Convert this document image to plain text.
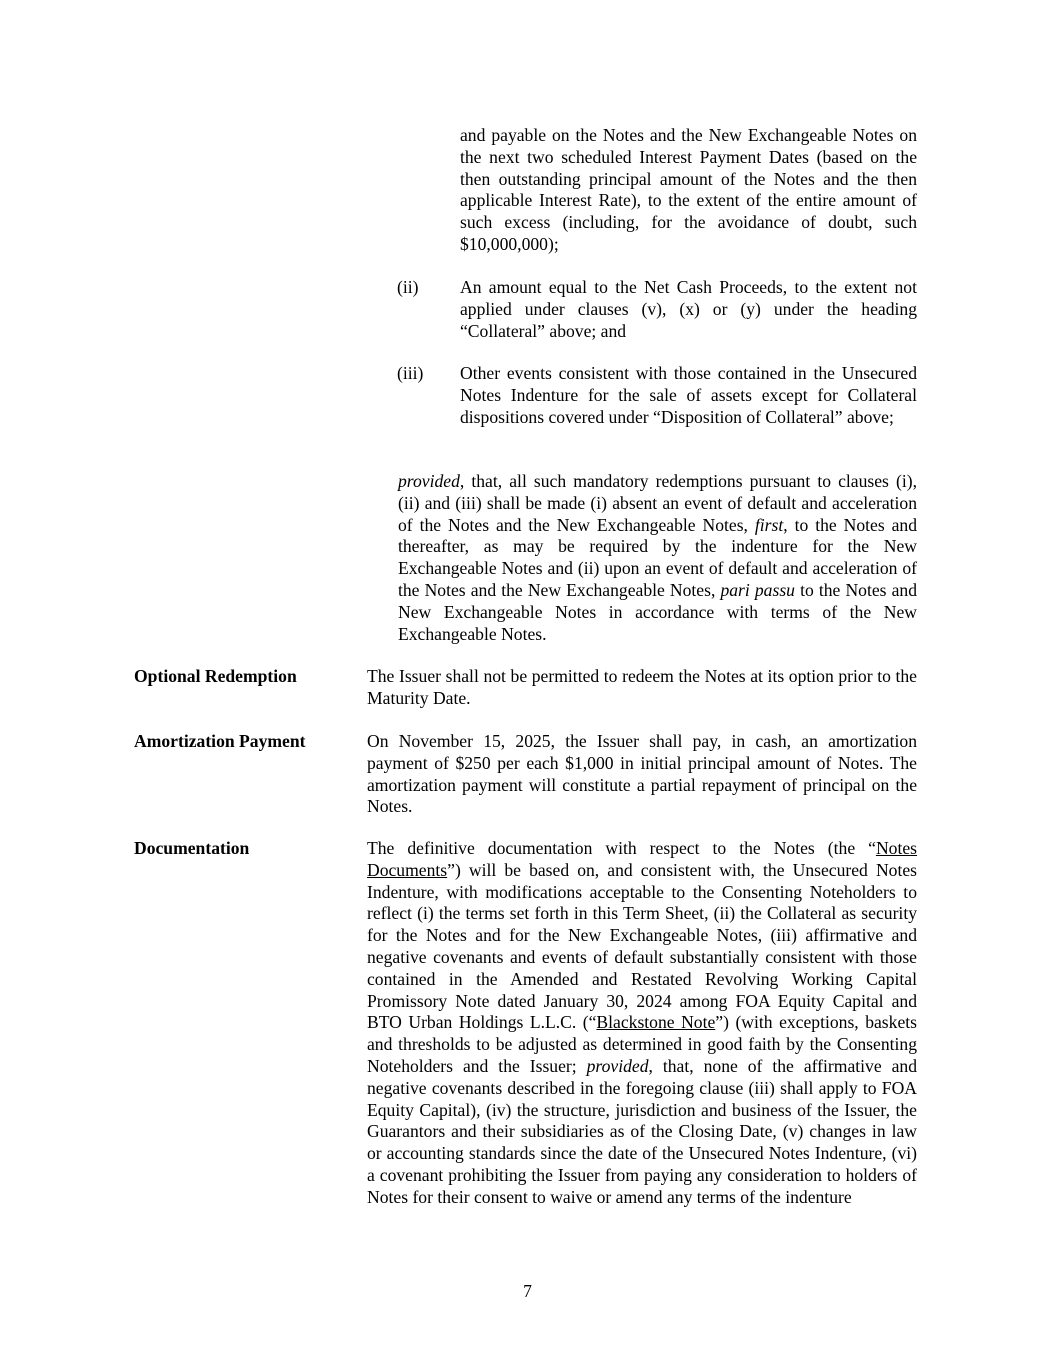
and payable on the Notes and the New Exchangeable Notes on the next two scheduled Interest Payment Dates (based on the then outstanding principal amount of the Notes and the then applicable Interest Rate), to the extent of the entire amount of such excess (including, for the avoidance of doubt, such $10,000,000);

(ii) An amount equal to the Net Cash Proceeds, to the extent not applied under clauses (v), (x) or (y) under the heading “Collateral” above; and

(iii) Other events consistent with those contained in the Unsecured Notes Indenture for the sale of assets except for Collateral dispositions covered under “Disposition of Collateral” above;

provided, that, all such mandatory redemptions pursuant to clauses (i), (ii) and (iii) shall be made (i) absent an event of default and acceleration of the Notes and the New Exchangeable Notes, first, to the Notes and thereafter, as may be required by the indenture for the New Exchangeable Notes and (ii) upon an event of default and acceleration of the Notes and the New Exchangeable Notes, pari passu to the Notes and New Exchangeable Notes in accordance with terms of the New Exchangeable Notes.

Optional Redemption	The Issuer shall not be permitted to redeem the Notes at its option prior to the Maturity Date.

Amortization Payment	On November 15, 2025, the Issuer shall pay, in cash, an amortization payment of $250 per each $1,000 in initial principal amount of Notes. The amortization payment will constitute a partial repayment of principal on the Notes.

Documentation	The definitive documentation with respect to the Notes (the “Notes Documents”) will be based on, and consistent with, the Unsecured Notes Indenture, with modifications acceptable to the Consenting Noteholders to reflect (i) the terms set forth in this Term Sheet, (ii) the Collateral as security for the Notes and for the New Exchangeable Notes, (iii) affirmative and negative covenants and events of default substantially consistent with those contained in the Amended and Restated Revolving Working Capital Promissory Note dated January 30, 2024 among FOA Equity Capital and BTO Urban Holdings L.L.C. (“Blackstone Note”) (with exceptions, baskets and thresholds to be adjusted as determined in good faith by the Consenting Noteholders and the Issuer; provided, that, none of the affirmative and negative covenants described in the foregoing clause (iii) shall apply to FOA Equity Capital), (iv) the structure, jurisdiction and business of the Issuer, the Guarantors and their subsidiaries as of the Closing Date, (v) changes in law or accounting standards since the date of the Unsecured Notes Indenture, (vi) a covenant prohibiting the Issuer from paying any consideration to holders of Notes for their consent to waive or amend any terms of the indenture

7
